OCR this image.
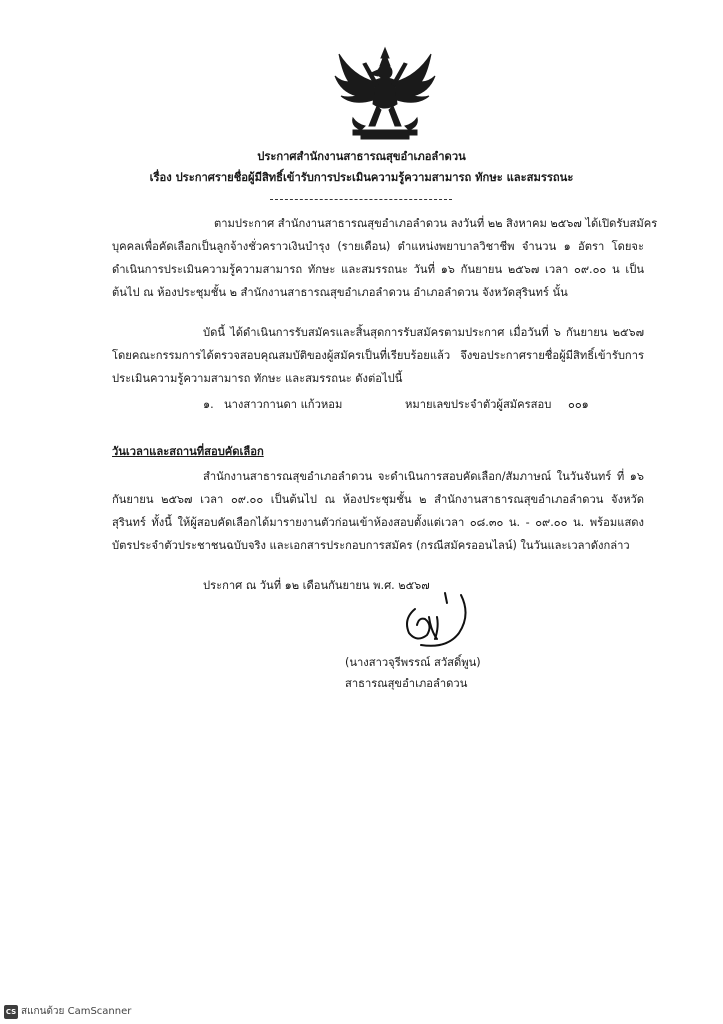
ประกาศสำนักงานสาธารณสุขอำเภอลำดวน
เรื่อง ประกาศรายชื่อผู้มีสิทธิ์เข้ารับการประเมินความรู้ความสามารถ ทักษะ และสมรรถนะ
ตามประกาศ สำนักงานสาธารณสุขอำเภอลำดวน ลงวันที่ ๒๒ สิงหาคม ๒๕๖๗ ได้เปิดรับสมัคร
บุคคลเพื่อคัดเลือกเป็นลูกจ้างชั่วคราวเงินบำรุง (รายเดือน) ตำแหน่งพยาบาลวิชาชีพ จำนวน ๑ อัตรา โดยจะ
ดำเนินการประเมินความรู้ความสามารถ ทักษะ และสมรรถนะ วันที่ ๑๖ กันยายน ๒๕๖๗ เวลา ๐๙.๐๐ น เป็น
ต้นไป ณ ห้องประชุมชั้น ๒ สำนักงานสาธารณสุขอำเภอลำดวน อำเภอลำดวน จังหวัดสุรินทร์ นั้น
บัดนี้ ได้ดำเนินการรับสมัครและสิ้นสุดการรับสมัครตามประกาศ เมื่อวันที่ ๖ กันยายน ๒๕๖๗
โดยคณะกรรมการได้ตรวจสอบคุณสมบัติของผู้สมัครเป็นที่เรียบร้อยแล้ว จึงขอประกาศรายชื่อผู้มีสิทธิ์เข้ารับการ
ประเมินความรู้ความสามารถ ทักษะ และสมรรถนะ ดังต่อไปนี้
๑. นางสาวกานดา แก้วหอม	หมายเลขประจำตัวผู้สมัครสอบ ๐๐๑
วันเวลาและสถานที่สอบคัดเลือก
สำนักงานสาธารณสุขอำเภอลำดวน จะดำเนินการสอบคัดเลือก/สัมภาษณ์ ในวันจันทร์ ที่ ๑๖
กันยายน ๒๕๖๗ เวลา ๐๙.๐๐ เป็นต้นไป ณ ห้องประชุมชั้น ๒ สำนักงานสาธารณสุขอำเภอลำดวน จังหวัด
สุรินทร์ ทั้งนี้ ให้ผู้สอบคัดเลือกได้มารายงานตัวก่อนเข้าห้องสอบตั้งแต่เวลา ๐๘.๓๐ น. - ๐๙.๐๐ น. พร้อมแสดง
บัตรประจำตัวประชาชนฉบับจริง และเอกสารประกอบการสมัคร (กรณีสมัครออนไลน์) ในวันและเวลาดังกล่าว
ประกาศ ณ วันที่ ๑๒ เดือนกันยายน พ.ศ. ๒๕๖๗
(นางสาวจุรีพรรณ์ สวัสดิ์พูน)
สาธารณสุขอำเภอลำดวน
CS สแกนด้วย CamScanner
